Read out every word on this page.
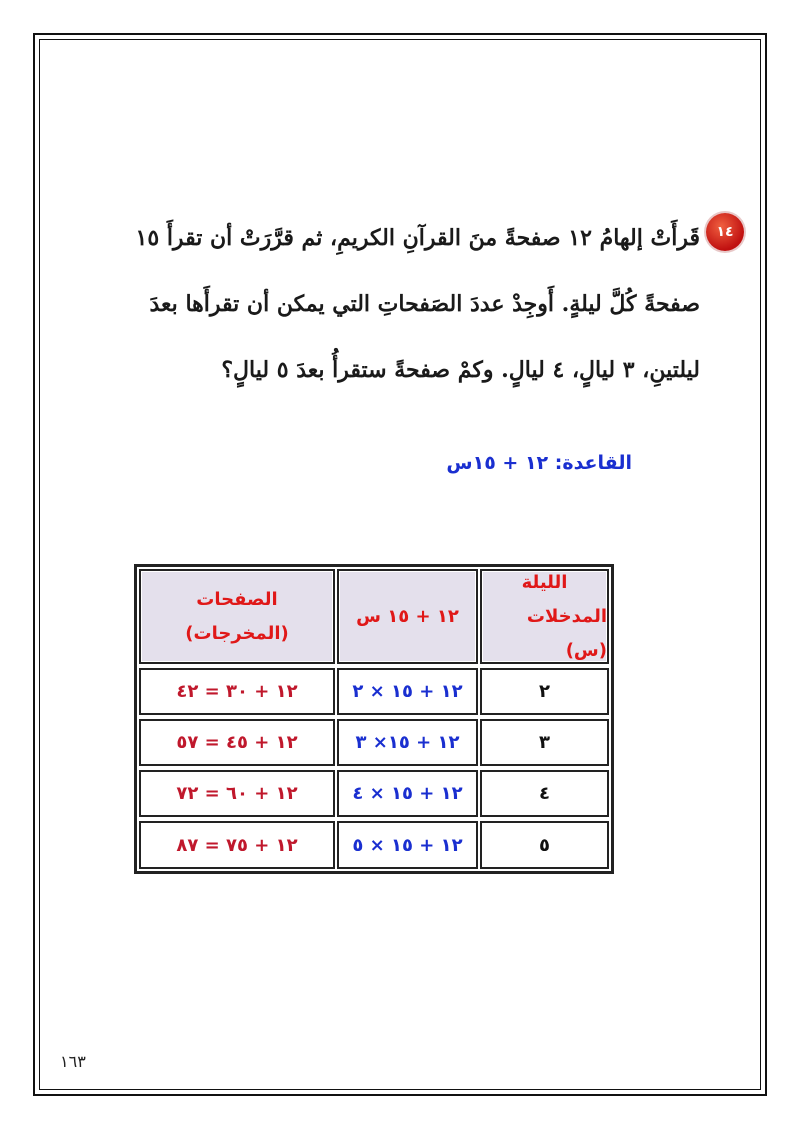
١٤
قَرأَتْ إلهامُ ١٢ صفحةً منَ القرآنِ الكريمِ، ثم قرَّرَتْ أن تقرأَ ١٥ صفحةً كُلَّ ليلةٍ. أَوجِدْ عددَ الصَفحاتِ التي يمكن أن تقرأَها بعدَ ليلتينِ، ٣ ليالٍ، ٤ ليالٍ. وكمْ صفحةً ستقرأُ بعدَ ٥ ليالٍ؟
القاعدة: ١٢ + ١٥س
الليلة
المدخلات (س)
١٢ + ١٥ س
الصفحات
(المخرجات)
٢
١٢ + ١٥ × ٢
١٢ + ٣٠ = ٤٢
٣
١٢ + ١٥× ٣
١٢ + ٤٥ = ٥٧
٤
١٢ + ١٥ × ٤
١٢ + ٦٠ = ٧٢
٥
١٢ + ١٥ × ٥
١٢ + ٧٥ = ٨٧
١٦٣
